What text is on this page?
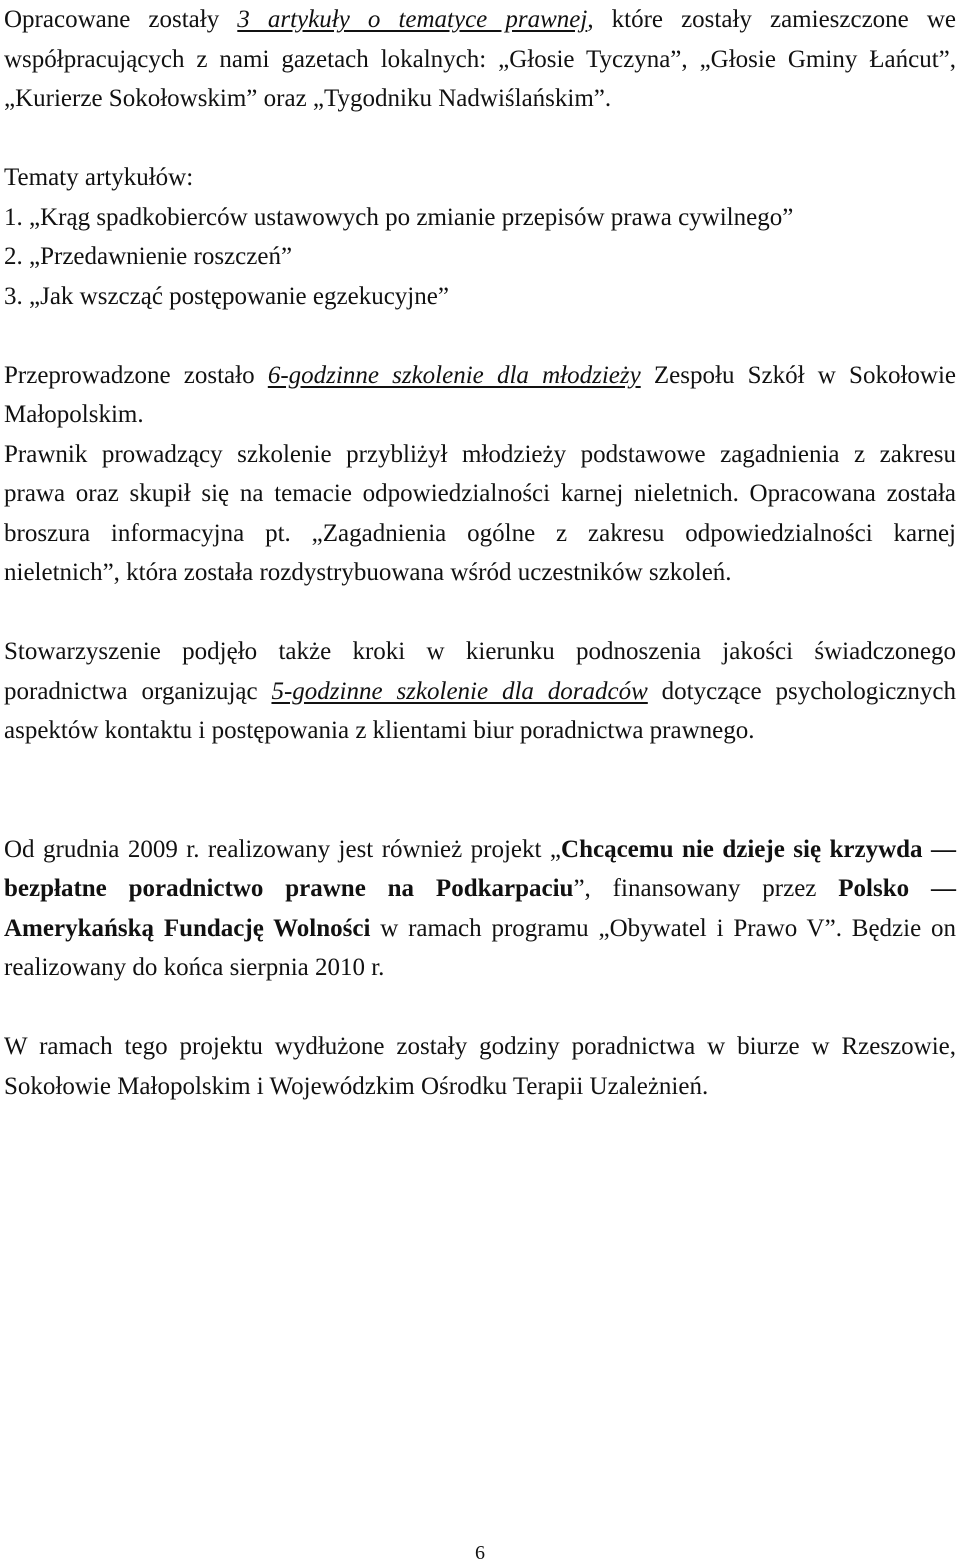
Opracowane zostały 3 artykuły o tematyce prawnej, które zostały zamieszczone we współpracujących z nami gazetach lokalnych: „Głosie Tyczyna”, „Głosie Gminy Łańcut”, „Kurierze Sokołowskim” oraz „Tygodniku Nadwiślańskim”.

Tematy artykułów:

1. „Krąg spadkobierców ustawowych po zmianie przepisów prawa cywilnego”

2. „Przedawnienie roszczeń”

3. „Jak wszcząć postępowanie egzekucyjne”

Przeprowadzone zostało 6-godzinne szkolenie dla młodzieży Zespołu Szkół w Sokołowie Małopolskim.

Prawnik prowadzący szkolenie przybliżył młodzieży podstawowe zagadnienia z zakresu prawa oraz skupił się na temacie odpowiedzialności karnej nieletnich. Opracowana została broszura informacyjna pt. „Zagadnienia ogólne z zakresu odpowiedzialności karnej nieletnich”, która została rozdystrybuowana wśród uczestników szkoleń.

Stowarzyszenie podjęło także kroki w kierunku podnoszenia jakości świadczonego poradnictwa organizując 5-godzinne szkolenie dla doradców dotyczące psychologicznych aspektów kontaktu i postępowania z klientami biur poradnictwa prawnego.

Od grudnia 2009 r. realizowany jest również projekt „Chcącemu nie dzieje się krzywda — bezpłatne poradnictwo prawne na Podkarpaciu”, finansowany przez Polsko — Amerykańską Fundację Wolności w ramach programu „Obywatel i Prawo V”. Będzie on realizowany do końca sierpnia 2010 r.

W ramach tego projektu wydłużone zostały godziny poradnictwa w biurze w Rzeszowie, Sokołowie Małopolskim i Wojewódzkim Ośrodku Terapii Uzależnień.

6
